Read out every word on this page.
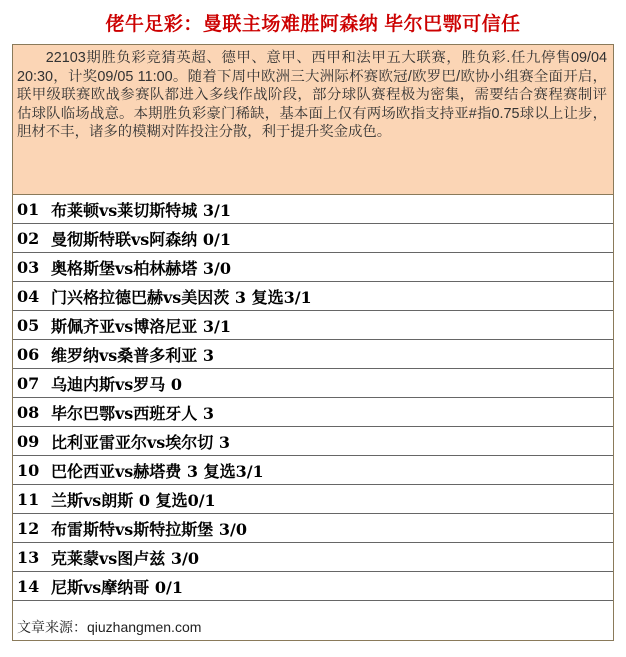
佬牛足彩：曼联主场难胜阿森纳 毕尔巴鄂可信任
22103期胜负彩竞猜英超、德甲、意甲、西甲和法甲五大联赛，胜负彩.任九停售09/04 20:30，计奖09/05 11:00。随着下周中欧洲三大洲际杯赛欧冠/欧罗巴/欧协小组赛全面开启，联甲级联赛欧战参赛队都进入多线作战阶段，部分球队赛程极为密集，需要结合赛程赛制评估球队临场战意。本期胜负彩豪门稀缺，基本面上仅有两场欧指支持亚#指0.75球以上让步，胆材不丰，诸多的模糊对阵投注分散，利于提升奖金成色。
01 布莱顿vs莱切斯特城 3/1
02 曼彻斯特联vs阿森纳 0/1
03 奥格斯堡vs柏林赫塔 3/0
04 门兴格拉德巴赫vs美因茨 3 复选3/1
05 斯佩齐亚vs博洛尼亚 3/1
06 维罗纳vs桑普多利亚 3
07 乌迪内斯vs罗马 0
08 毕尔巴鄂vs西班牙人 3
09 比利亚雷亚尔vs埃尔切 3
10 巴伦西亚vs赫塔费 3 复选3/1
11 兰斯vs朗斯 0 复选0/1
12 布雷斯特vs斯特拉斯堡 3/0
13 克莱蒙vs图卢兹 3/0
14 尼斯vs摩纳哥 0/1
文章来源：qiuzhangmen.com
